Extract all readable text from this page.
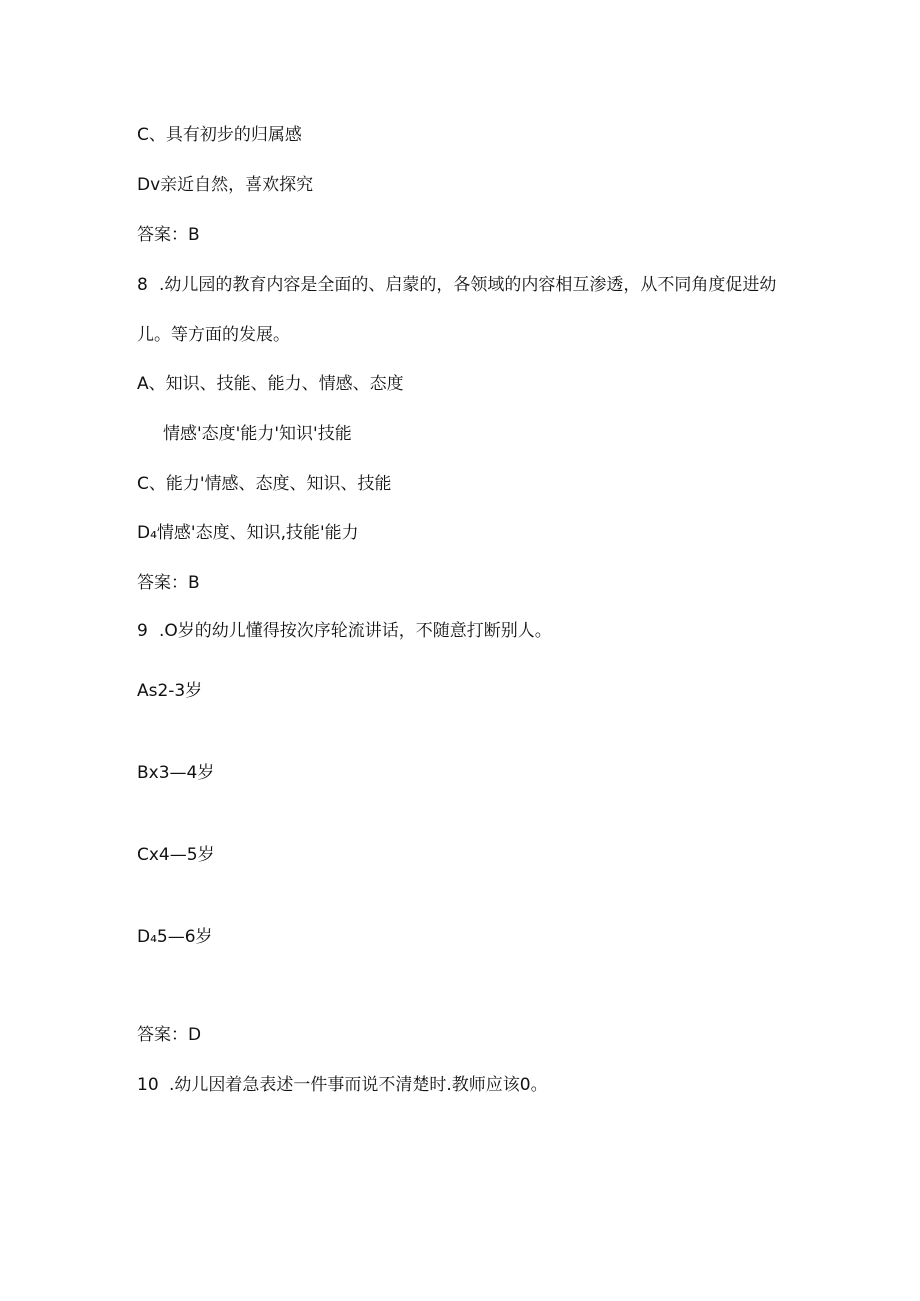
C、具有初步的归属感
Dv亲近自然，喜欢探究
答案：B
8 .幼儿园的教育内容是全面的、启蒙的，各领域的内容相互渗透，从不同角度促进幼
儿。等方面的发展。
A、知识、技能、能力、情感、态度
情感'态度'能力'知识'技能
C、能力'情感、态度、知识、技能
D₄情感'态度、知识,技能'能力
答案：B
9 .O岁的幼儿懂得按次序轮流讲话，不随意打断别人。
As2-3岁
Bx3—4岁
Cx4—5岁
D₄5—6岁
答案：D
10 .幼儿因着急表述一件事而说不清楚时.教师应该0。
